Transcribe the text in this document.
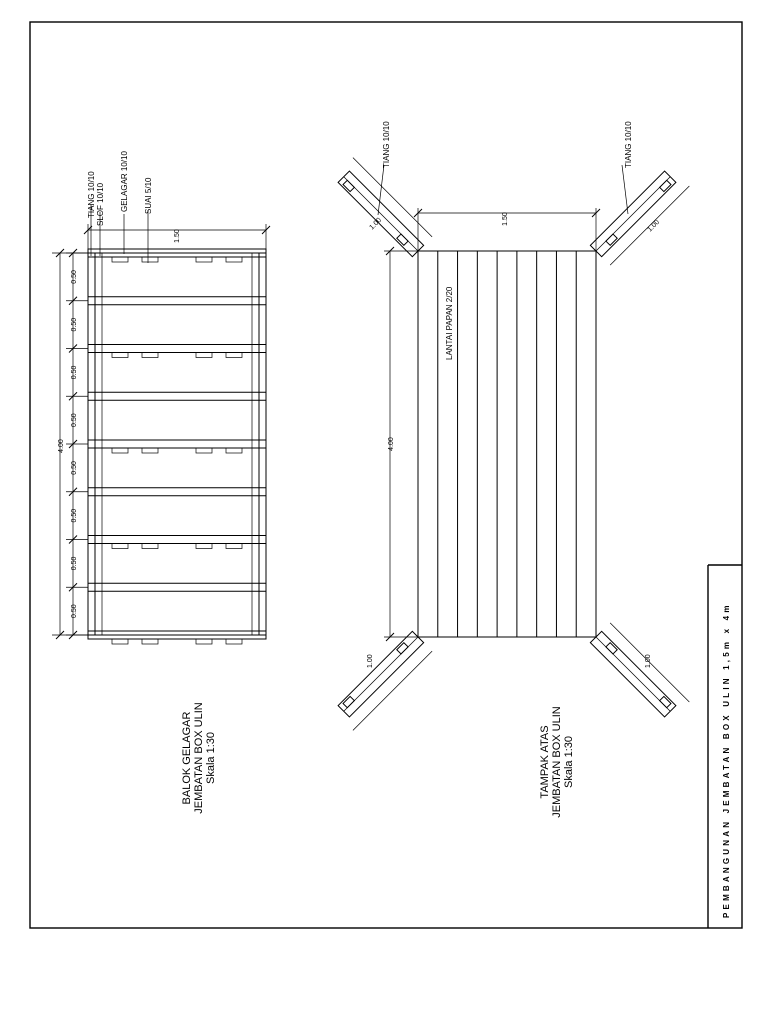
PEMBANGUNAN JEMBATAN BOX ULIN 1,5m x 4m
4.00
0.50
0.50
0.50
0.50
0.50
0.50
0.50
0.50
1.50
TIANG 10/10 SLOF 10/10 GELAGAR 10/10 SUAI 5/10
BALOK GELAGAR JEMBATAN BOX ULIN Skala 1:30
LANTAI PAPAN 2/20
4.00
1.50
1.00	1.00
1.00	1.00
TIANG 10/10	TIANG 10/10
TAMPAK ATAS JEMBATAN BOX ULIN Skala 1:30
